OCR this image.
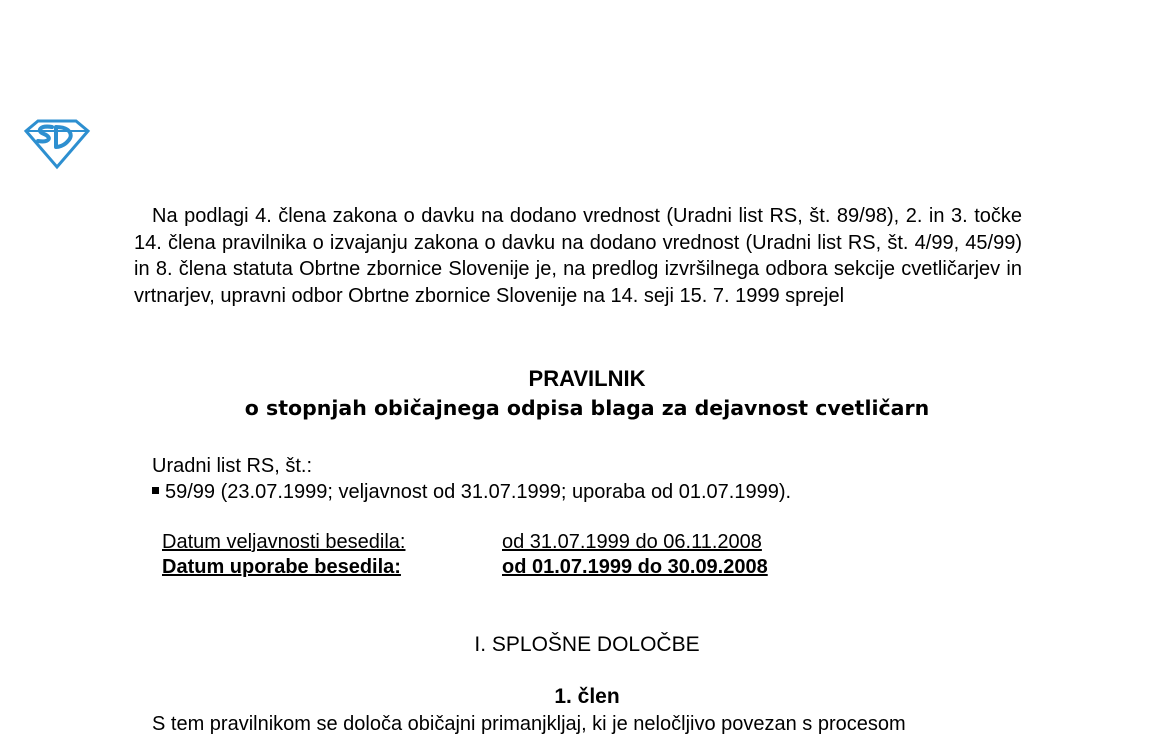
Na podlagi 4. člena zakona o davku na dodano vrednost (Uradni list RS, št. 89/98), 2. in 3. točke 14. člena pravilnika o izvajanju zakona o davku na dodano vrednost (Uradni list RS, št. 4/99, 45/99) in 8. člena statuta Obrtne zbornice Slovenije je, na predlog izvršilnega odbora sekcije cvetličarjev in vrtnarjev, upravni odbor Obrtne zbornice Slovenije na 14. seji 15. 7. 1999 sprejel

PRAVILNIK
o stopnjah običajnega odpisa blaga za dejavnost cvetličarn

Uradni list RS, št.:

59/99 (23.07.1999; veljavnost od 31.07.1999; uporaba od 01.07.1999).

Datum veljavnosti besedila:	od 31.07.1999 do 06.11.2008

Datum uporabe besedila:	od 01.07.1999 do 30.09.2008

I. SPLOŠNE DOLOČBE
1. člen

S tem pravilnikom se določa običajni primanjkljaj, ki je neločljivo povezan s procesom
